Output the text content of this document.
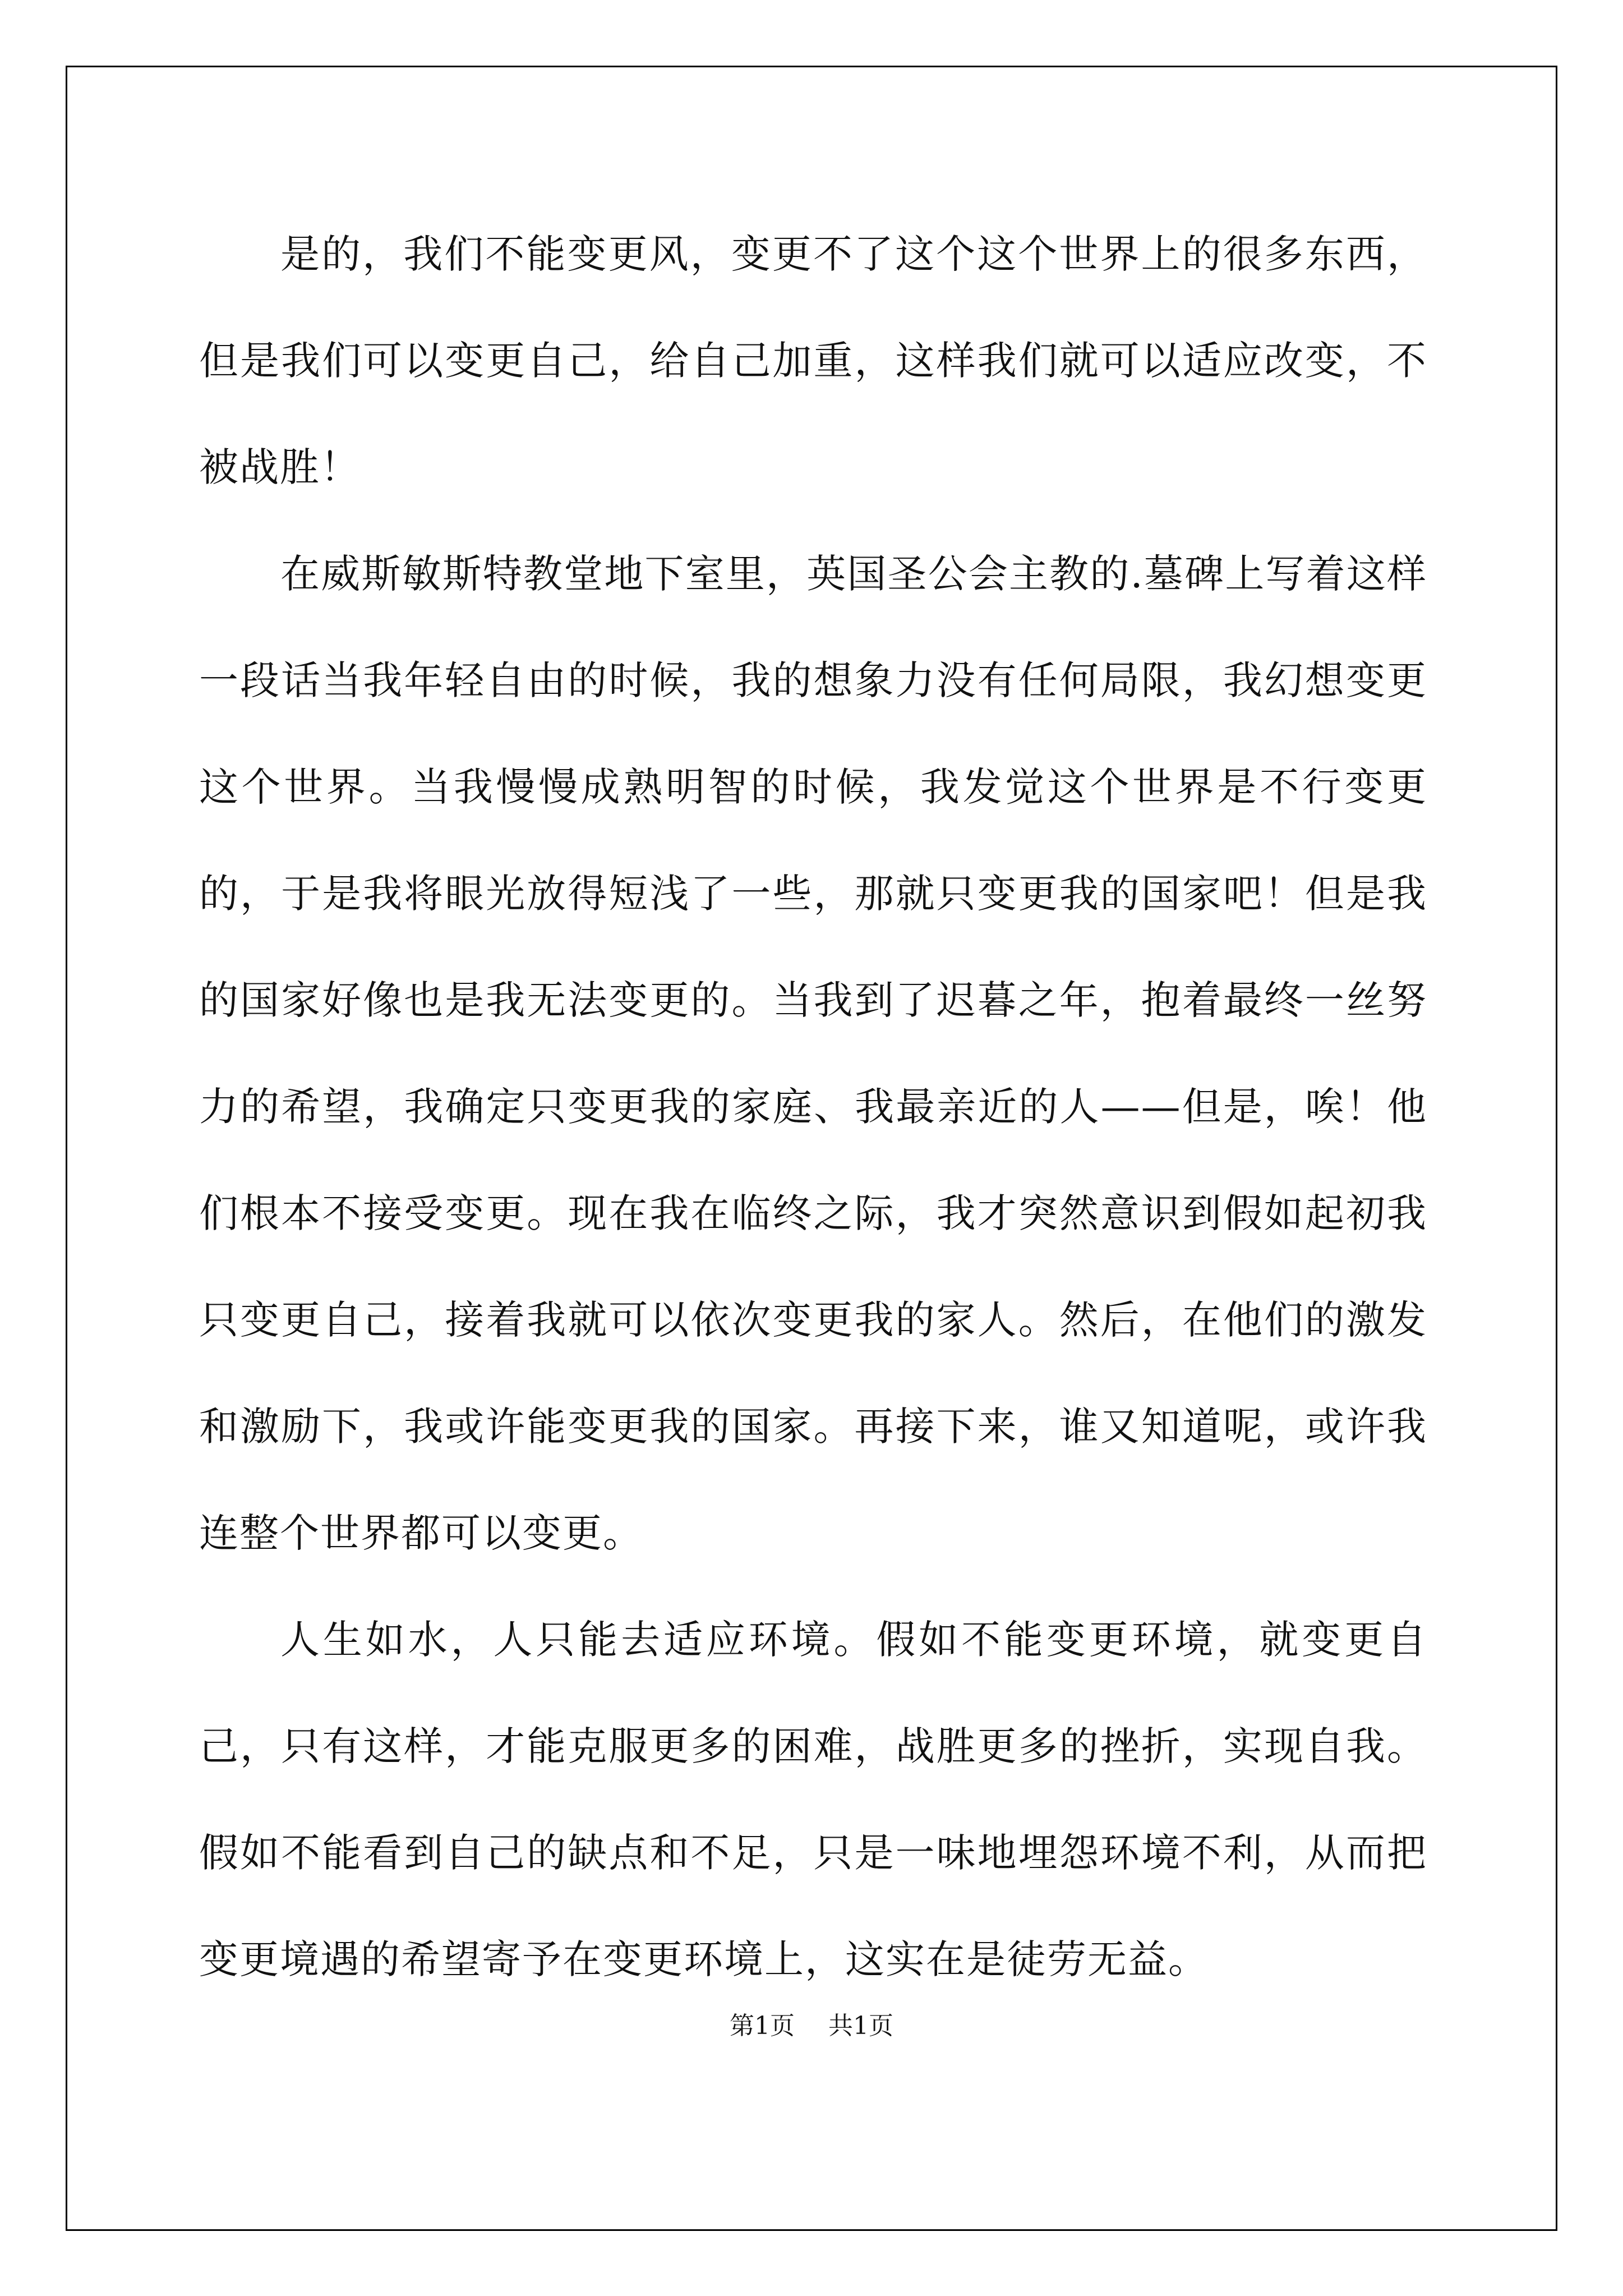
是的，我们不能变更风，变更不了这个这个世界上的很多东西，但是我们可以变更自己，给自己加重，这样我们就可以适应改变，不被战胜！

在威斯敏斯特教堂地下室里，英国圣公会主教的.墓碑上写着这样一段话当我年轻自由的时候，我的想象力没有任何局限，我幻想变更这个世界。当我慢慢成熟明智的时候，我发觉这个世界是不行变更的，于是我将眼光放得短浅了一些，那就只变更我的国家吧！但是我的国家好像也是我无法变更的。当我到了迟暮之年，抱着最终一丝努力的希望，我确定只变更我的家庭、我最亲近的人——但是，唉！他们根本不接受变更。现在我在临终之际，我才突然意识到假如起初我只变更自己，接着我就可以依次变更我的家人。然后，在他们的激发和激励下，我或许能变更我的国家。再接下来，谁又知道呢，或许我连整个世界都可以变更。

人生如水，人只能去适应环境。假如不能变更环境，就变更自己，只有这样，才能克服更多的困难，战胜更多的挫折，实现自我。假如不能看到自己的缺点和不足，只是一味地埋怨环境不利，从而把变更境遇的希望寄予在变更环境上，这实在是徒劳无益。

第1页 共1页
